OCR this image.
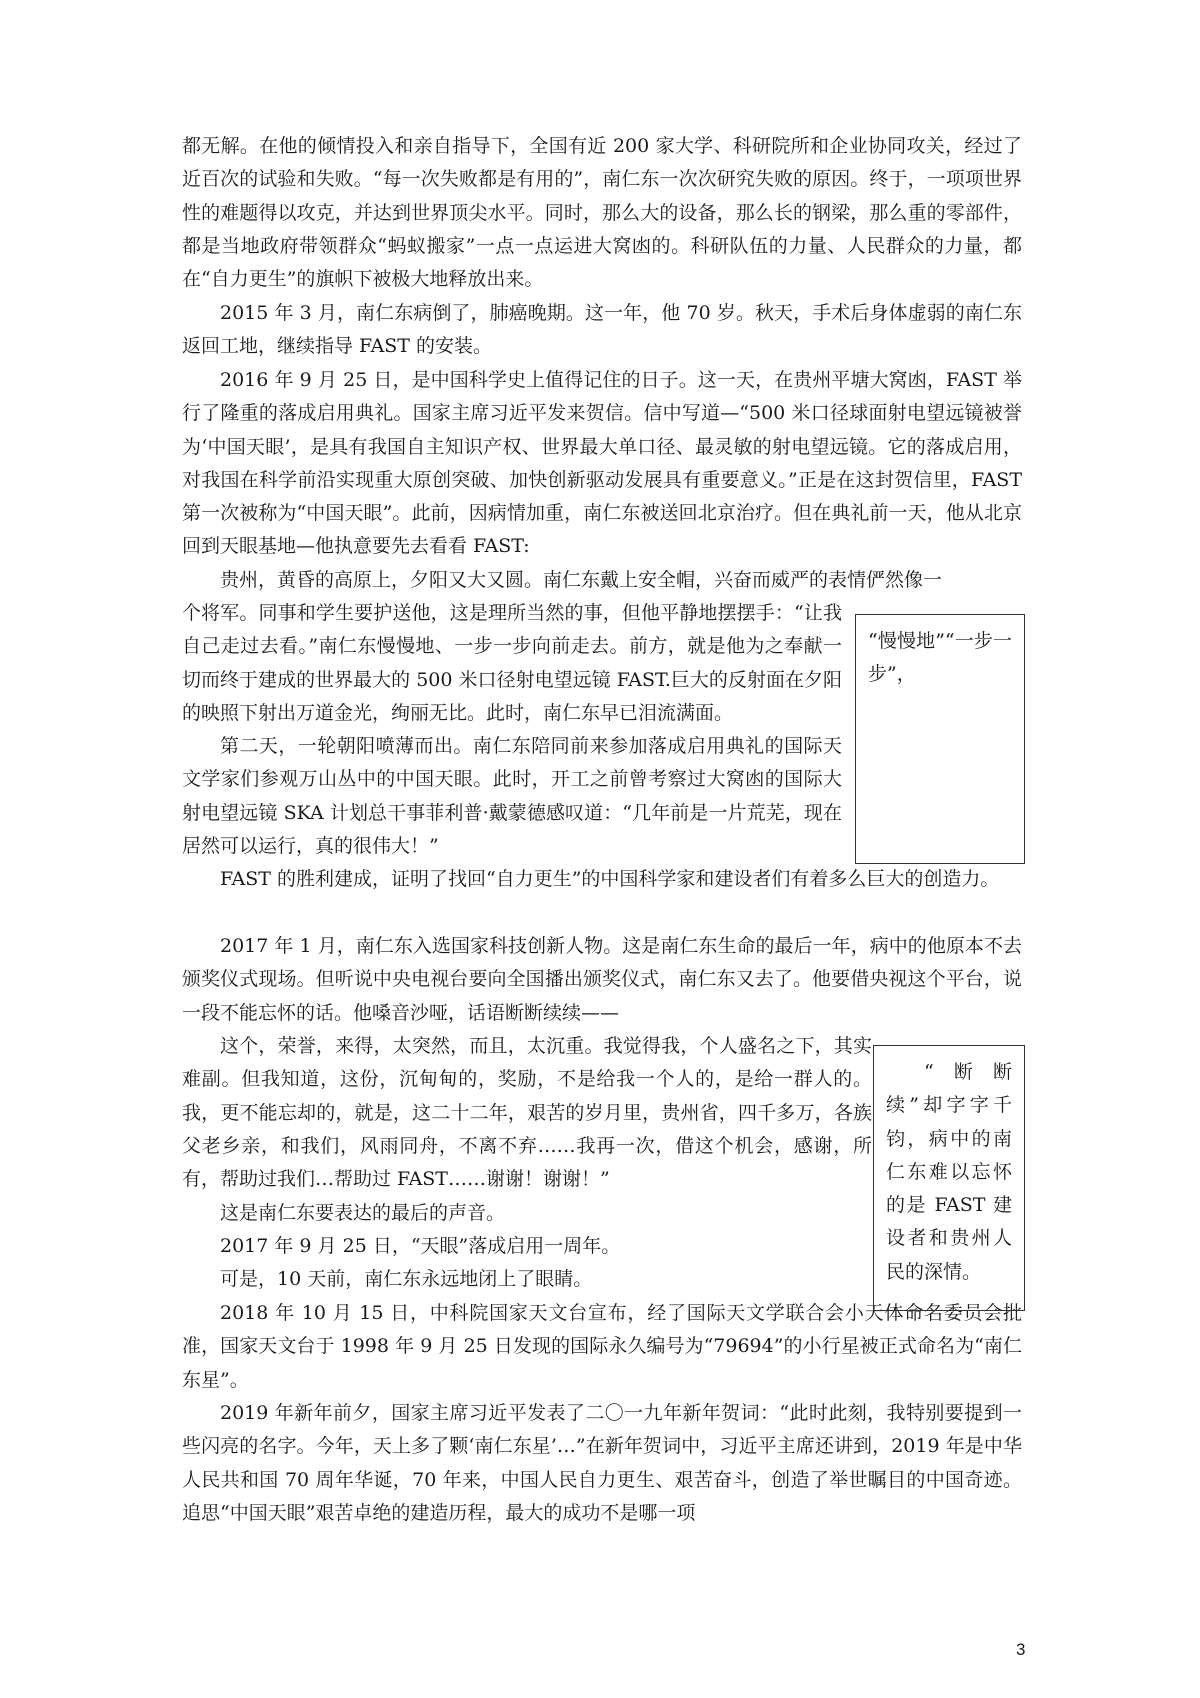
都无解。在他的倾情投入和亲自指导下，全国有近 200 家大学、科研院所和企业协同攻关，经过了近百次的试验和失败。“每一次失败都是有用的”，南仁东一次次研究失败的原因。终于，一项项世界性的难题得以攻克，并达到世界顶尖水平。同时，那么大的设备，那么长的钢梁，那么重的零部件，都是当地政府带领群众“蚂蚁搬家”一点一点运进大窝凼的。科研队伍的力量、人民群众的力量，都在“自力更生”的旗帜下被极大地释放出来。

2015 年 3 月，南仁东病倒了，肺癌晚期。这一年，他 70 岁。秋天，手术后身体虚弱的南仁东返回工地，继续指导 FAST 的安装。

2016 年 9 月 25 日，是中国科学史上值得记住的日子。这一天，在贵州平塘大窝凼，FAST 举行了隆重的落成启用典礼。国家主席习近平发来贺信。信中写道—“500 米口径球面射电望远镜被誉为‘中国天眼’，是具有我国自主知识产权、世界最大单口径、最灵敏的射电望远镜。它的落成启用，对我国在科学前沿实现重大原创突破、加快创新驱动发展具有重要意义。”正是在这封贺信里，FAST 第一次被称为“中国天眼”。此前，因病情加重，南仁东被送回北京治疗。但在典礼前一天，他从北京回到天眼基地—他执意要先去看看 FAST:

贵州，黄昏的高原上，夕阳又大又圆。南仁东戴上安全帽，兴奋而威严的表情俨然像一

个将军。同事和学生要护送他，这是理所当然的事，但他平静地摆摆手：“让我自己走过去看。”南仁东慢慢地、一步一步向前走去。前方，就是他为之奉献一切而终于建成的世界最大的 500 米口径射电望远镜 FAST.巨大的反射面在夕阳的映照下射出万道金光，绚丽无比。此时，南仁东早已泪流满面。

第二天，一轮朝阳喷薄而出。南仁东陪同前来参加落成启用典礼的国际天文学家们参观万山丛中的中国天眼。此时，开工之前曾考察过大窝凼的国际大射电望远镜 SKA 计划总干事菲利普·戴蒙德感叹道：“几年前是一片荒芜，现在居然可以运行，真的很伟大！”

FAST 的胜利建成，证明了找回“自力更生”的中国科学家和建设者们有着多么巨大的创造力。

2017 年 1 月，南仁东入选国家科技创新人物。这是南仁东生命的最后一年，病中的他原本不去颁奖仪式现场。但听说中央电视台要向全国播出颁奖仪式，南仁东又去了。他要借央视这个平台，说一段不能忘怀的话。他嗓音沙哑，话语断断续续——

这个，荣誉，来得，太突然，而且，太沉重。我觉得我，个人盛名之下，其实难副。但我知道，这份，沉甸甸的，奖励，不是给我一个人的，是给一群人的。我，更不能忘却的，就是，这二十二年，艰苦的岁月里，贵州省，四千多万，各族父老乡亲，和我们，风雨同舟，不离不弃……我再一次，借这个机会，感谢，所有，帮助过我们…帮助过 FAST……谢谢！谢谢！”

这是南仁东要表达的最后的声音。

2017 年 9 月 25 日，“天眼”落成启用一周年。

可是，10 天前，南仁东永远地闭上了眼睛。

2018 年 10 月 15 日，中科院国家天文台宣布，经了国际天文学联合会小天体命名委员会批准，国家天文台于 1998 年 9 月 25 日发现的国际永久编号为“79694”的小行星被正式命名为“南仁东星”。

2019 年新年前夕，国家主席习近平发表了二〇一九年新年贺词：“此时此刻，我特别要提到一些闪亮的名字。今年，天上多了颗‘南仁东星’…”在新年贺词中，习近平主席还讲到，2019 年是中华人民共和国 70 周年华诞，70 年来，中国人民自力更生、艰苦奋斗，创造了举世瞩目的中国奇迹。追思“中国天眼”艰苦卓绝的建造历程，最大的成功不是哪一项

“慢慢地”“一步一步”，
“断断续”却字字千钧，病中的南仁东难以忘怀的是 FAST 建设者和贵州人民的深情。
3
